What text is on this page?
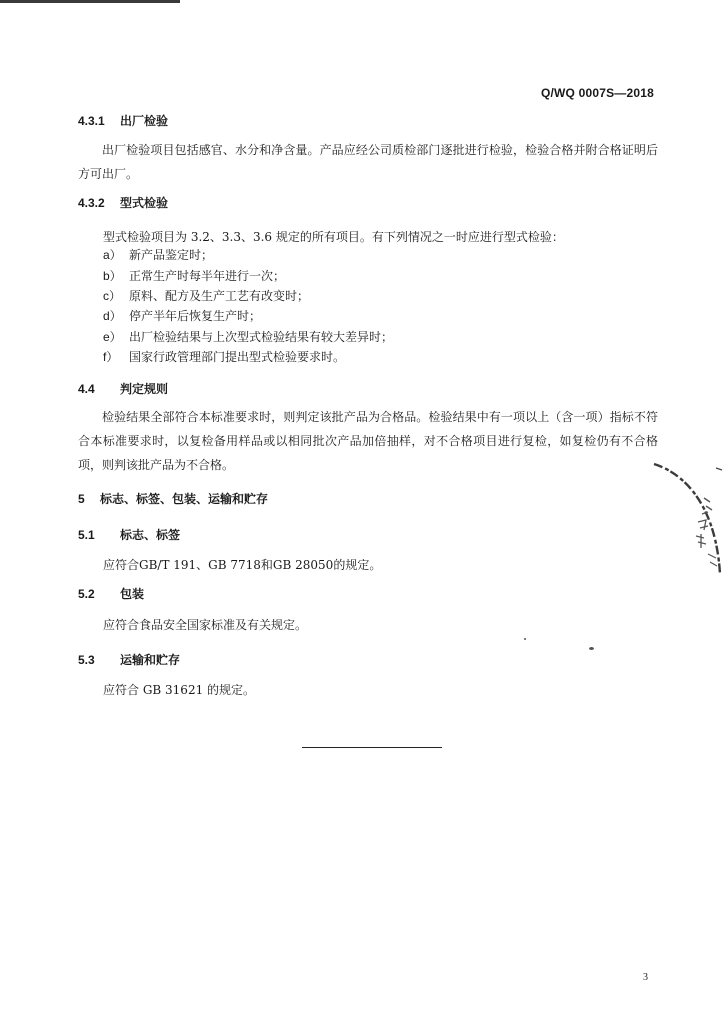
Q/WQ 0007S—2018
4.3.1 出厂检验
出厂检验项目包括感官、水分和净含量。产品应经公司质检部门逐批进行检验，检验合格并附合格证明后方可出厂。
4.3.2 型式检验
型式检验项目为 3.2、3.3、3.6 规定的所有项目。有下列情况之一时应进行型式检验：
a） 新产品鉴定时；
b） 正常生产时每半年进行一次；
c） 原料、配方及生产工艺有改变时；
d） 停产半年后恢复生产时；
e） 出厂检验结果与上次型式检验结果有较大差异时；
f） 国家行政管理部门提出型式检验要求时。
4.4 判定规则
检验结果全部符合本标准要求时，则判定该批产品为合格品。检验结果中有一项以上（含一项）指标不符合本标准要求时，以复检备用样品或以相同批次产品加倍抽样，对不合格项目进行复检，如复检仍有不合格项，则判该批产品为不合格。
5 标志、标签、包装、运输和贮存
5.1 标志、标签
应符合GB/T 191、GB 7718和GB 28050的规定。
5.2 包装
应符合食品安全国家标准及有关规定。
5.3 运输和贮存
应符合 GB 31621 的规定。
3
